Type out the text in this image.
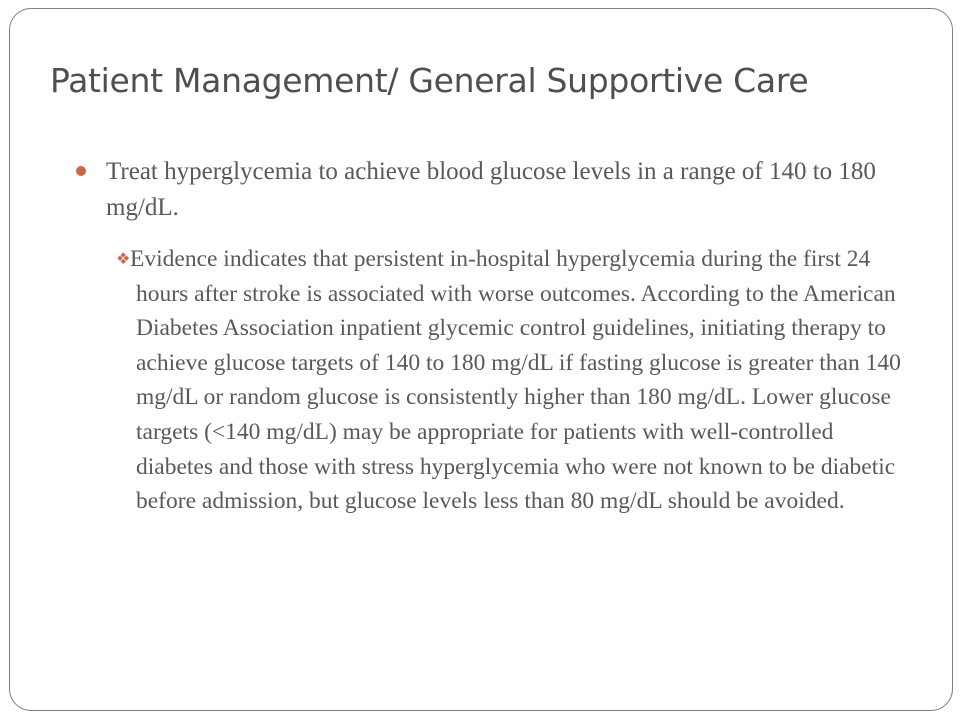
Patient Management/ General Supportive Care
Treat hyperglycemia to achieve blood glucose levels in a range of 140 to 180 mg/dL.
❖ Evidence indicates that persistent in-hospital hyperglycemia during the first 24 hours after stroke is associated with worse outcomes. According to the American Diabetes Association inpatient glycemic control guidelines, initiating therapy to achieve glucose targets of 140 to 180 mg/dL if fasting glucose is greater than 140 mg/dL or random glucose is consistently higher than 180 mg/dL. Lower glucose targets (<140 mg/dL) may be appropriate for patients with well-controlled diabetes and those with stress hyperglycemia who were not known to be diabetic before admission, but glucose levels less than 80 mg/dL should be avoided.
